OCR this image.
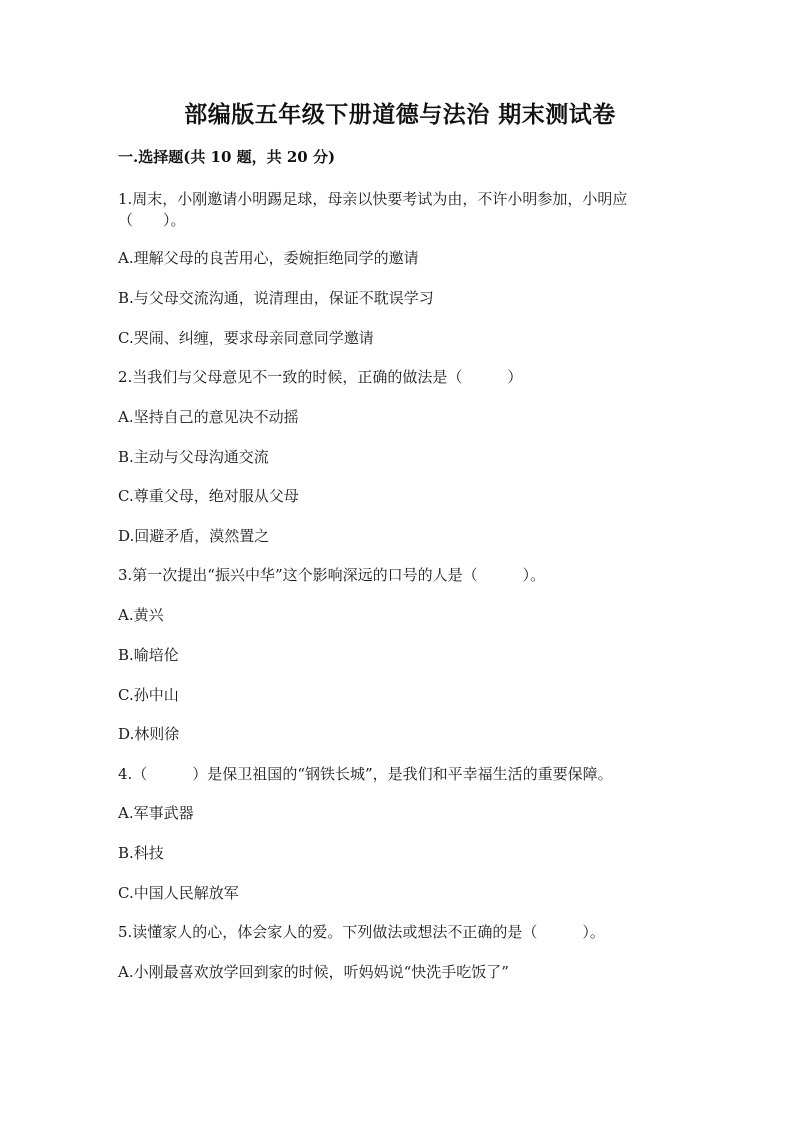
部编版五年级下册道德与法治 期末测试卷
一.选择题(共 10 题，共 20 分)
1.周末，小刚邀请小明踢足球，母亲以快要考试为由，不许小明参加，小明应
（　　）。
A.理解父母的良苦用心，委婉拒绝同学的邀请
B.与父母交流沟通，说清理由，保证不耽误学习
C.哭闹、纠缠，要求母亲同意同学邀请
2.当我们与父母意见不一致的时候，正确的做法是（　　　）
A.坚持自己的意见决不动摇
B.主动与父母沟通交流
C.尊重父母，绝对服从父母
D.回避矛盾，漠然置之
3.第一次提出“振兴中华”这个影响深远的口号的人是（　　　）。
A.黄兴
B.喻培伦
C.孙中山
D.林则徐
4.（　　　）是保卫祖国的“钢铁长城”，是我们和平幸福生活的重要保障。
A.军事武器
B.科技
C.中国人民解放军
5.读懂家人的心，体会家人的爱。下列做法或想法不正确的是（　　　）。
A.小刚最喜欢放学回到家的时候，听妈妈说“快洗手吃饭了”
